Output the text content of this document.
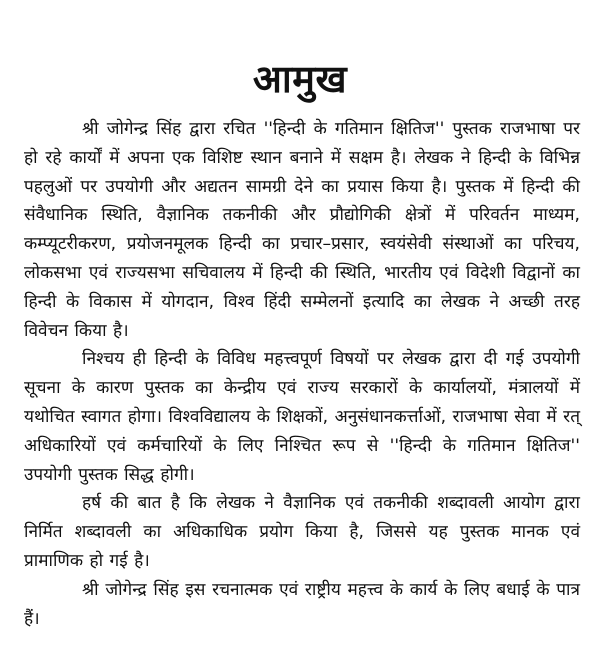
आमुख

श्री जोगेन्द्र सिंह द्वारा रचित ''हिन्दी के गतिमान क्षितिज'' पुस्तक राजभाषा पर हो रहे कार्यों में अपना एक विशिष्ट स्थान बनाने में सक्षम है। लेखक ने हिन्दी के विभिन्न पहलुओं पर उपयोगी और अद्यतन सामग्री देने का प्रयास किया है। पुस्तक में हिन्दी की संवैधानिक स्थिति, वैज्ञानिक तकनीकी और प्रौद्योगिकी क्षेत्रों में परिवर्तन माध्यम, कम्प्यूटरीकरण, प्रयोजनमूलक हिन्दी का प्रचार–प्रसार, स्वयंसेवी संस्थाओं का परिचय, लोकसभा एवं राज्यसभा सचिवालय में हिन्दी की स्थिति, भारतीय एवं विदेशी विद्वानों का हिन्दी के विकास में योगदान, विश्व हिंदी सम्मेलनों इत्यादि का लेखक ने अच्छी तरह विवेचन किया है।

निश्चय ही हिन्दी के विविध महत्त्वपूर्ण विषयों पर लेखक द्वारा दी गई उपयोगी सूचना के कारण पुस्तक का केन्द्रीय एवं राज्य सरकारों के कार्यालयों, मंत्रालयों में यथोचित स्वागत होगा। विश्वविद्यालय के शिक्षकों, अनुसंधानकर्त्ताओं, राजभाषा सेवा में रत् अधिकारियों एवं कर्मचारियों के लिए निश्चित रूप से ''हिन्दी के गतिमान क्षितिज'' उपयोगी पुस्तक सिद्ध होगी।

हर्ष की बात है कि लेखक ने वैज्ञानिक एवं तकनीकी शब्दावली आयोग द्वारा निर्मित शब्दावली का अधिकाधिक प्रयोग किया है, जिससे यह पुस्तक मानक एवं प्रामाणिक हो गई है।

श्री जोगेन्द्र सिंह इस रचनात्मक एवं राष्ट्रीय महत्त्व के कार्य के लिए बधाई के पात्र हैं।
